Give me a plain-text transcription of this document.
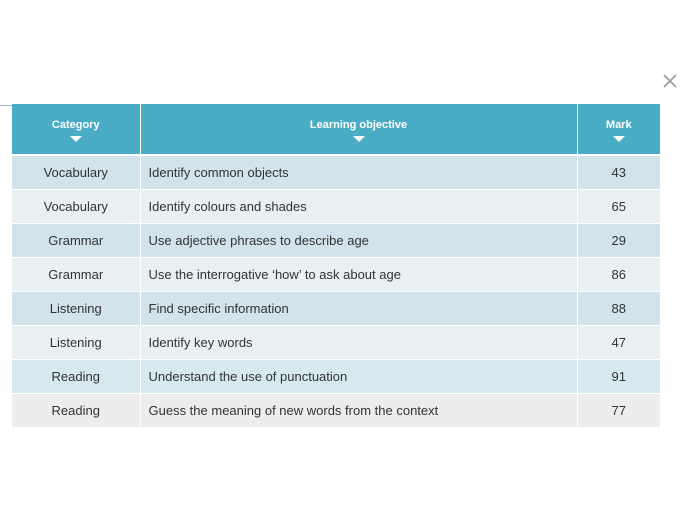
Category	Learning objective	Mark

Vocabulary	Identify common objects	43
Vocabulary	Identify colours and shades	65
Grammar	Use adjective phrases to describe age	29
Grammar	Use the interrogative ‘how’ to ask about age	86
Listening	Find specific information	88
Listening	Identify key words	47
Reading	Understand the use of punctuation	91
Reading	Guess the meaning of new words from the context	77
